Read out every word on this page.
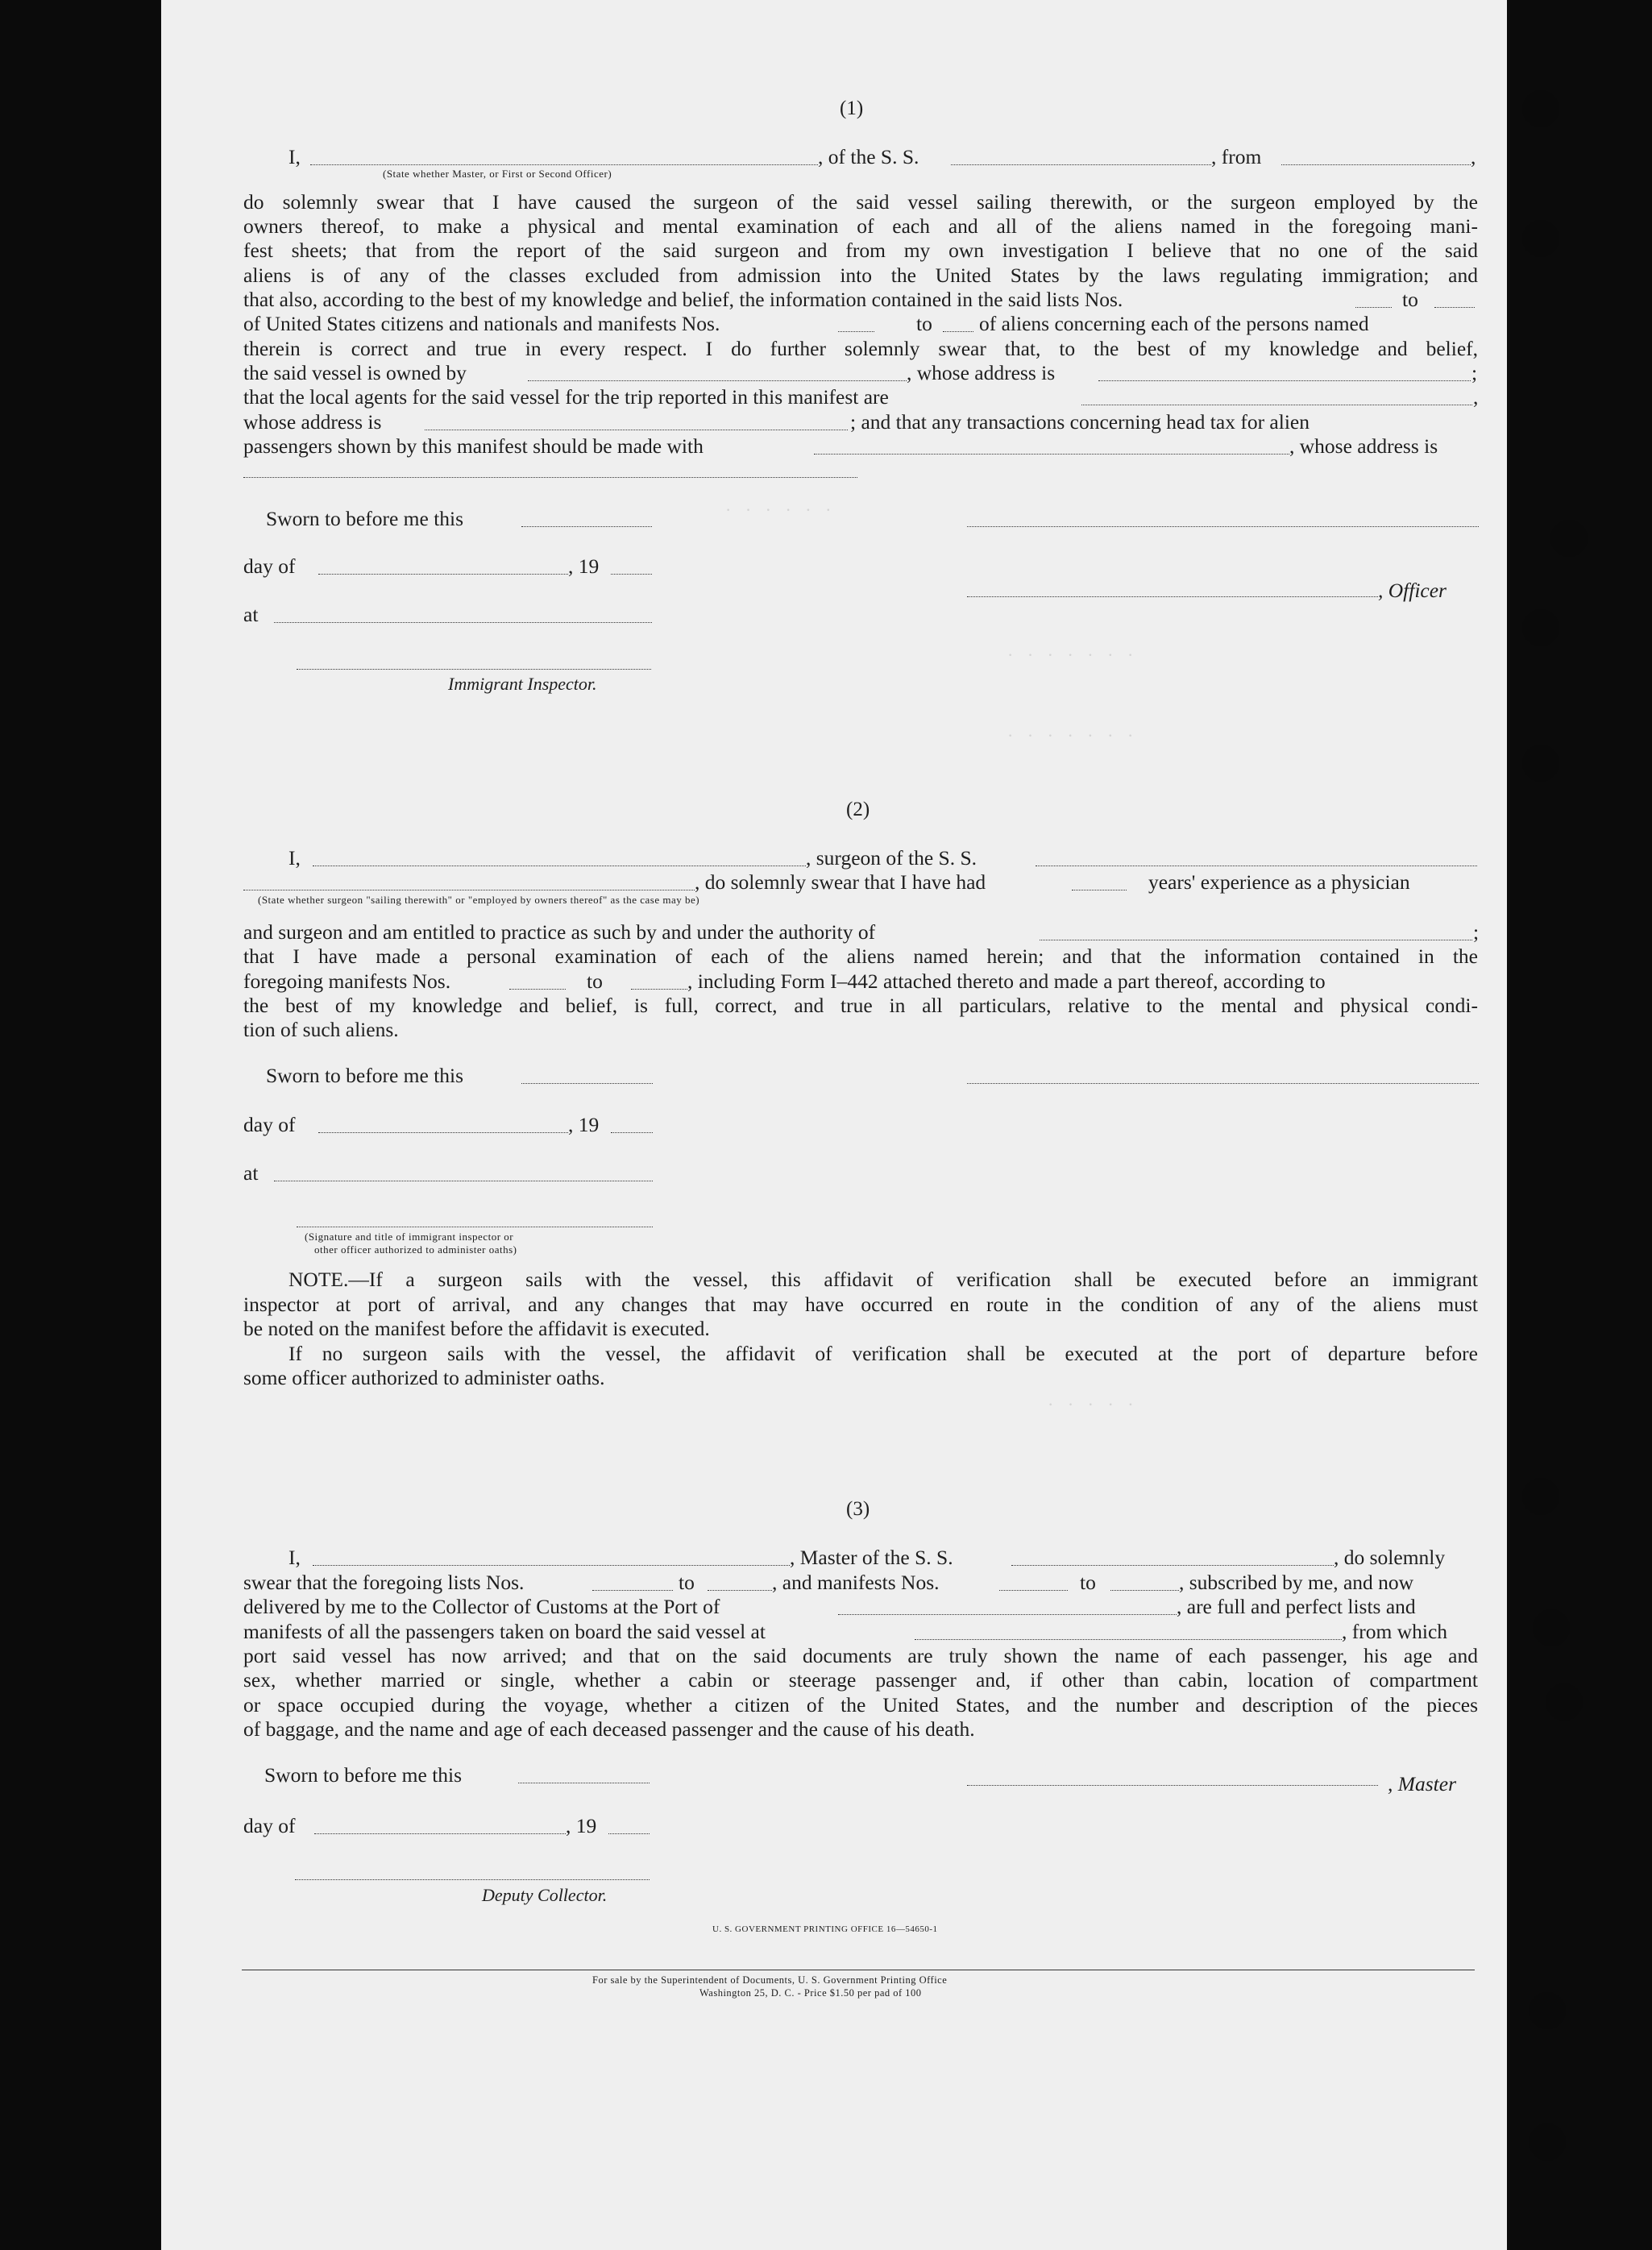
· · · · · ·
· · · · · · ·
· · · · · · ·
· · · · ·
(1)
I,
(State whether Master, or First or Second Officer)
, of the S. S.	, from	,
do solemnly swear that I have caused the surgeon of the said vessel sailing therewith, or the surgeon employed by the
owners thereof, to make a physical and mental examination of each and all of the aliens named in the foregoing mani-
fest sheets; that from the report of the said surgeon and from my own investigation I believe that no one of the said
aliens is of any of the classes excluded from admission into the United States by the laws regulating immigration; and
that also, according to the best of my knowledge and belief, the information contained in the said lists Nos.	to
of United States citizens and nationals and manifests Nos.	to of aliens concerning each of the persons named
therein is correct and true in every respect. I do further solemnly swear that, to the best of my knowledge and belief,
the said vessel is owned by	, whose address is	;
that the local agents for the said vessel for the trip reported in this manifest are	,
whose address is	; and that any transactions concerning head tax for alien
passengers shown by this manifest should be made with	, whose address is
Sworn to before me this
day of	, 19
, Officer
at
Immigrant Inspector.
(2)
I,	, surgeon of the S. S.
(State whether surgeon "sailing therewith" or "employed by owners thereof" as the case may be)
, do solemnly swear that I have had	years' experience as a physician
and surgeon and am entitled to practice as such by and under the authority of	;
that I have made a personal examination of each of the aliens named herein; and that the information contained in the
foregoing manifests Nos.	to	, including Form I–442 attached thereto and made a part thereof, according to
the best of my knowledge and belief, is full, correct, and true in all particulars, relative to the mental and physical condi-
tion of such aliens.
Sworn to before me this
day of	, 19
at
(Signature and title of immigrant inspector or
other officer authorized to administer oaths)
NOTE.—If a surgeon sails with the vessel, this affidavit of verification shall be executed before an immigrant
inspector at port of arrival, and any changes that may have occurred en route in the condition of any of the aliens must
be noted on the manifest before the affidavit is executed.
If no surgeon sails with the vessel, the affidavit of verification shall be executed at the port of departure before
some officer authorized to administer oaths.
(3)
I,	, Master of the S. S.	, do solemnly
swear that the foregoing lists Nos.	to	, and manifests Nos.	to	, subscribed by me, and now
delivered by me to the Collector of Customs at the Port of	, are full and perfect lists and
manifests of all the passengers taken on board the said vessel at	, from which
port said vessel has now arrived; and that on the said documents are truly shown the name of each passenger, his age and
sex, whether married or single, whether a cabin or steerage passenger and, if other than cabin, location of compartment
or space occupied during the voyage, whether a citizen of the United States, and the number and description of the pieces
of baggage, and the name and age of each deceased passenger and the cause of his death.
Sworn to before me this	, Master
day of	, 19
Deputy Collector.
U. S. GOVERNMENT PRINTING OFFICE 16—54650-1
For sale by the Superintendent of Documents, U. S. Government Printing Office
Washington 25, D. C. - Price $1.50 per pad of 100
